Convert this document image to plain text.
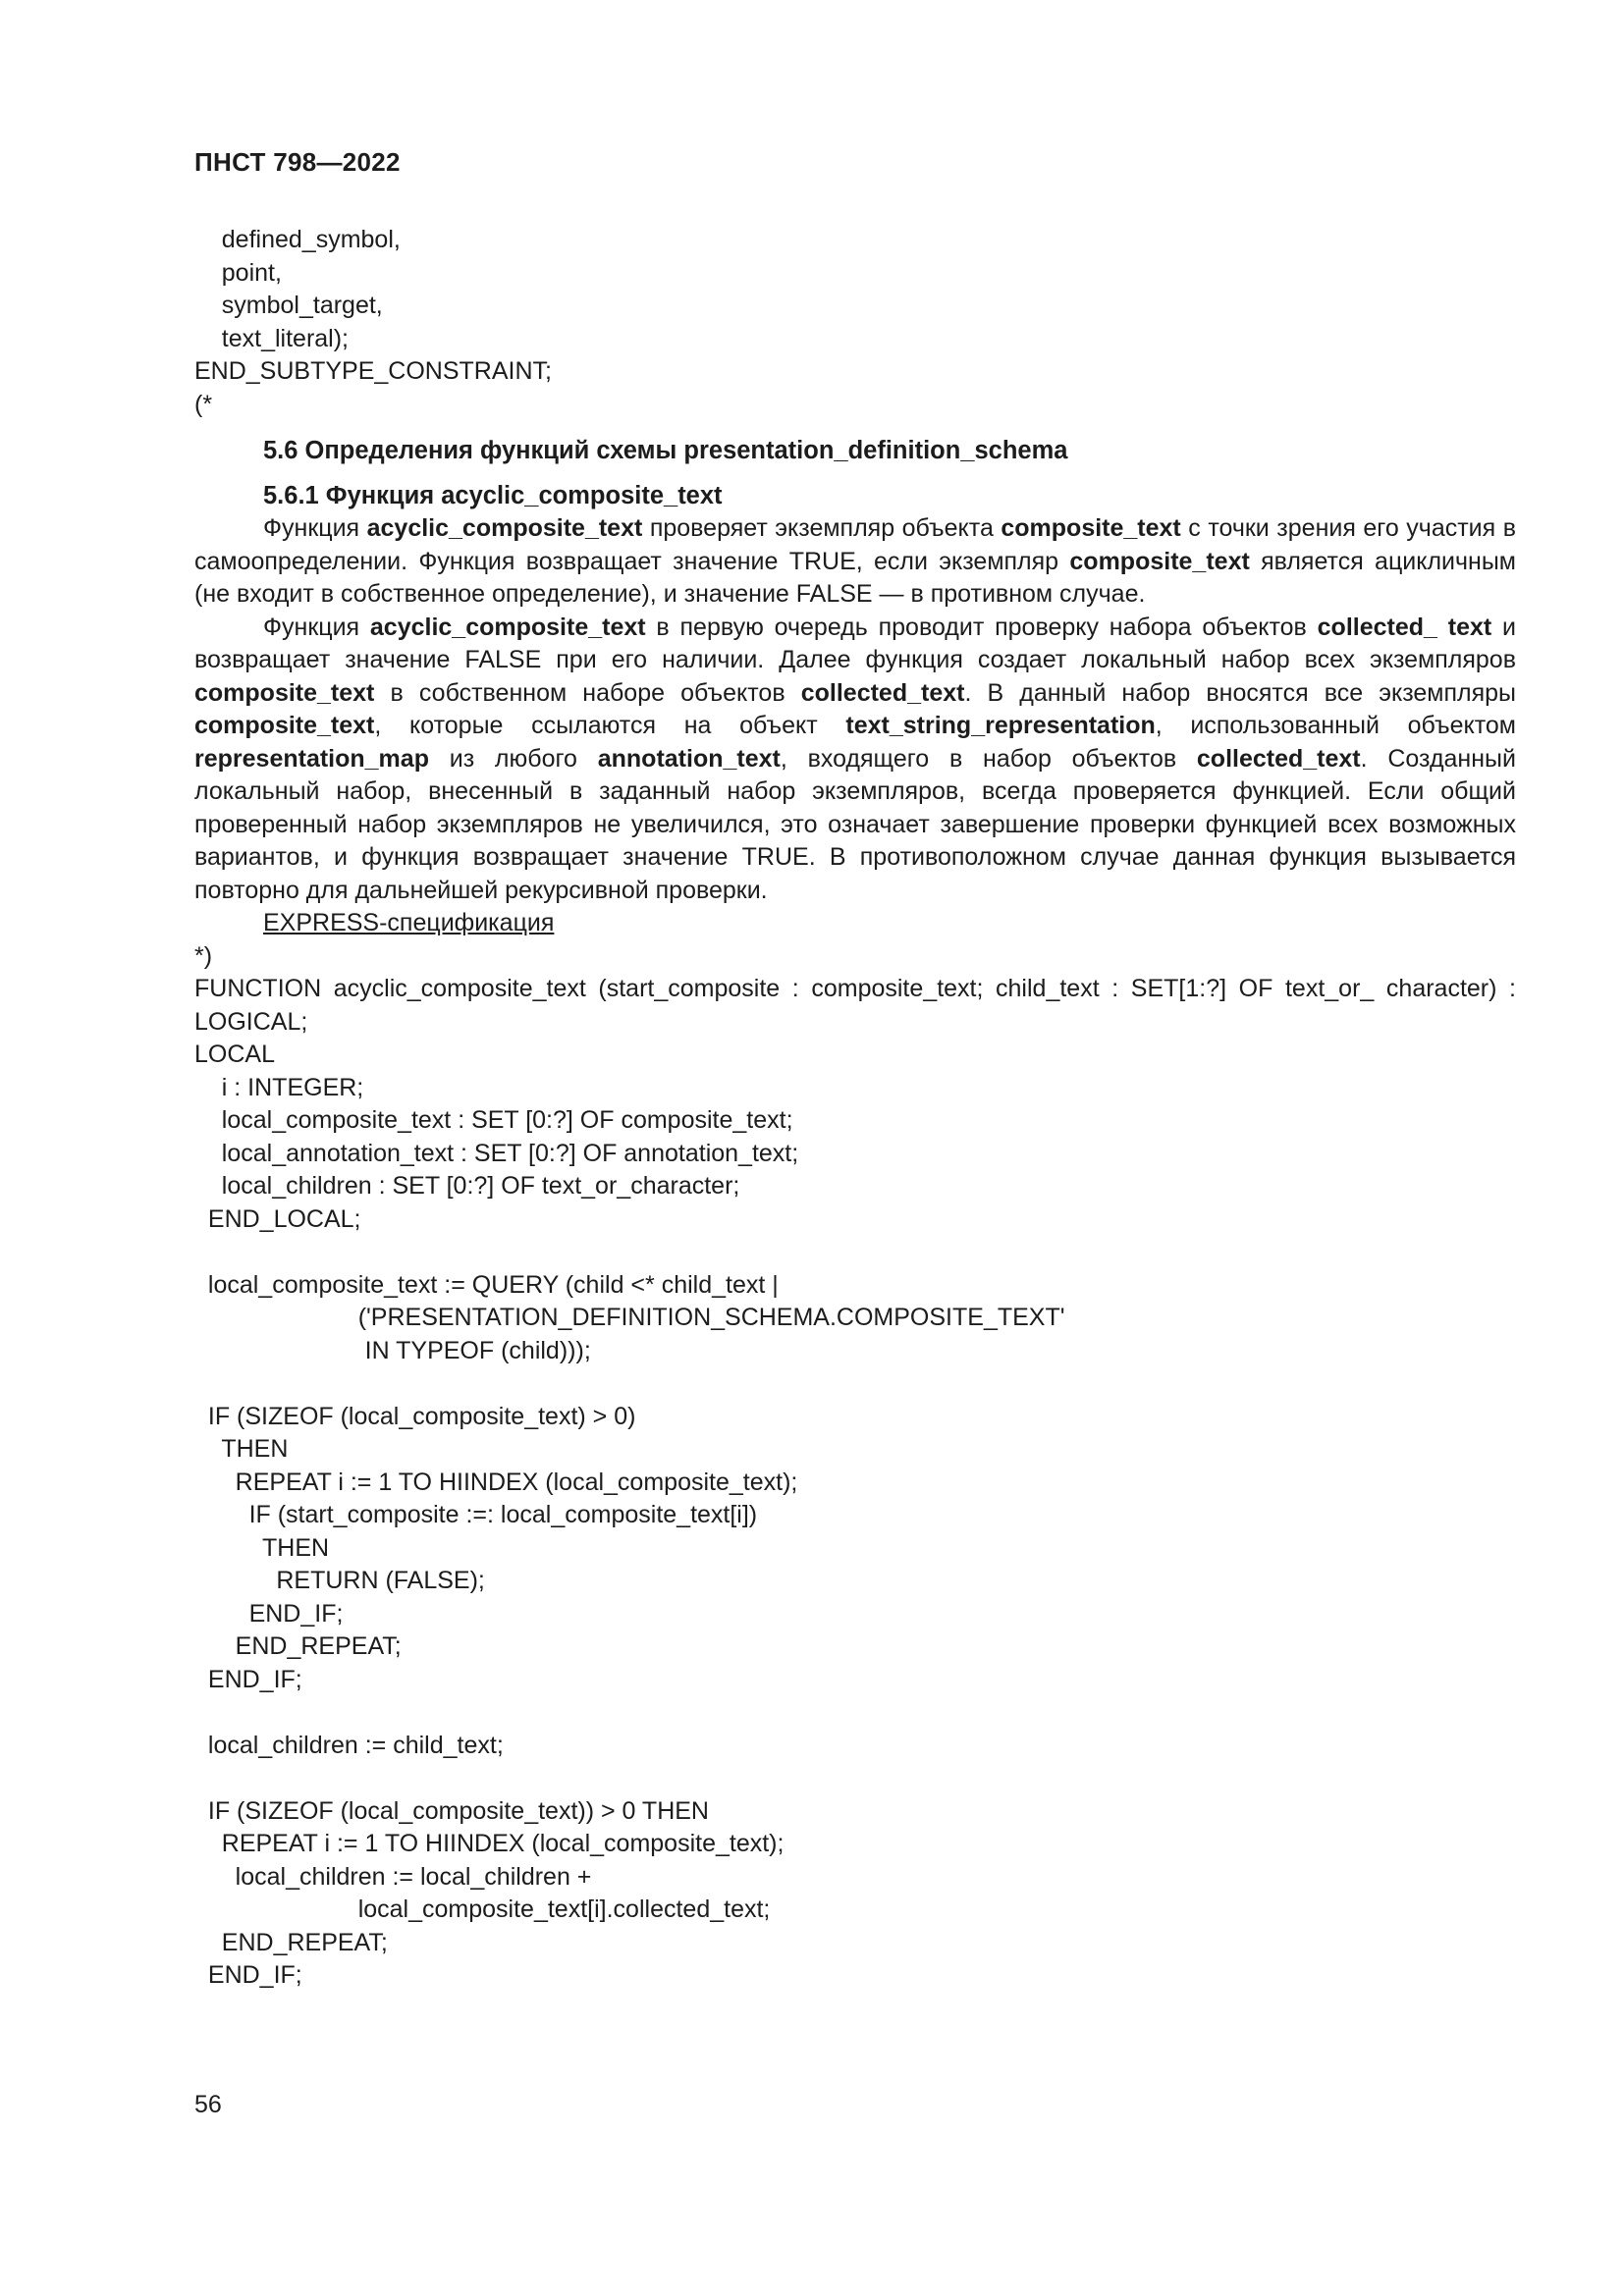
ПНСТ 798—2022
defined_symbol,
point,
symbol_target,
text_literal);
END_SUBTYPE_CONSTRAINT;
(*
5.6 Определения функций схемы presentation_definition_schema
5.6.1 Функция acyclic_composite_text

Функция acyclic_composite_text проверяет экземпляр объекта composite_text с точки зрения его участия в самоопределении. Функция возвращает значение TRUE, если экземпляр composite_text является ацикличным (не входит в собственное определение), и значение FALSE — в противном случае.

Функция acyclic_composite_text в первую очередь проводит проверку набора объектов collected_ text и возвращает значение FALSE при его наличии. Далее функция создает локальный набор всех экземпляров composite_text в собственном наборе объектов collected_text. В данный набор вносятся все экземпляры composite_text, которые ссылаются на объект text_string_representation, использованный объектом representation_map из любого annotation_text, входящего в набор объектов collected_text. Созданный локальный набор, внесенный в заданный набор экземпляров, всегда проверяется функцией. Если общий проверенный набор экземпляров не увеличился, это означает завершение проверки функцией всех возможных вариантов, и функция возвращает значение TRUE. В противоположном случае данная функция вызывается повторно для дальнейшей рекурсивной проверки.

EXPRESS-спецификация
*)

FUNCTION acyclic_composite_text (start_composite : composite_text; child_text : SET[1:?] OF text_or_ character) : LOGICAL;

LOCAL
i : INTEGER;
local_composite_text : SET [0:?] OF composite_text;
local_annotation_text : SET [0:?] OF annotation_text;
local_children : SET [0:?] OF text_or_character;
END_LOCAL;
local_composite_text := QUERY (child <* child_text |
('PRESENTATION_DEFINITION_SCHEMA.COMPOSITE_TEXT'
IN TYPEOF (child)));
IF (SIZEOF (local_composite_text) > 0)
THEN
REPEAT i := 1 TO HIINDEX (local_composite_text);
IF (start_composite :=: local_composite_text[i])
THEN
RETURN (FALSE);
END_IF;
END_REPEAT;
END_IF;
local_children := child_text;
IF (SIZEOF (local_composite_text)) > 0 THEN
REPEAT i := 1 TO HIINDEX (local_composite_text);
local_children := local_children +
local_composite_text[i].collected_text;
END_REPEAT;
END_IF;
56
